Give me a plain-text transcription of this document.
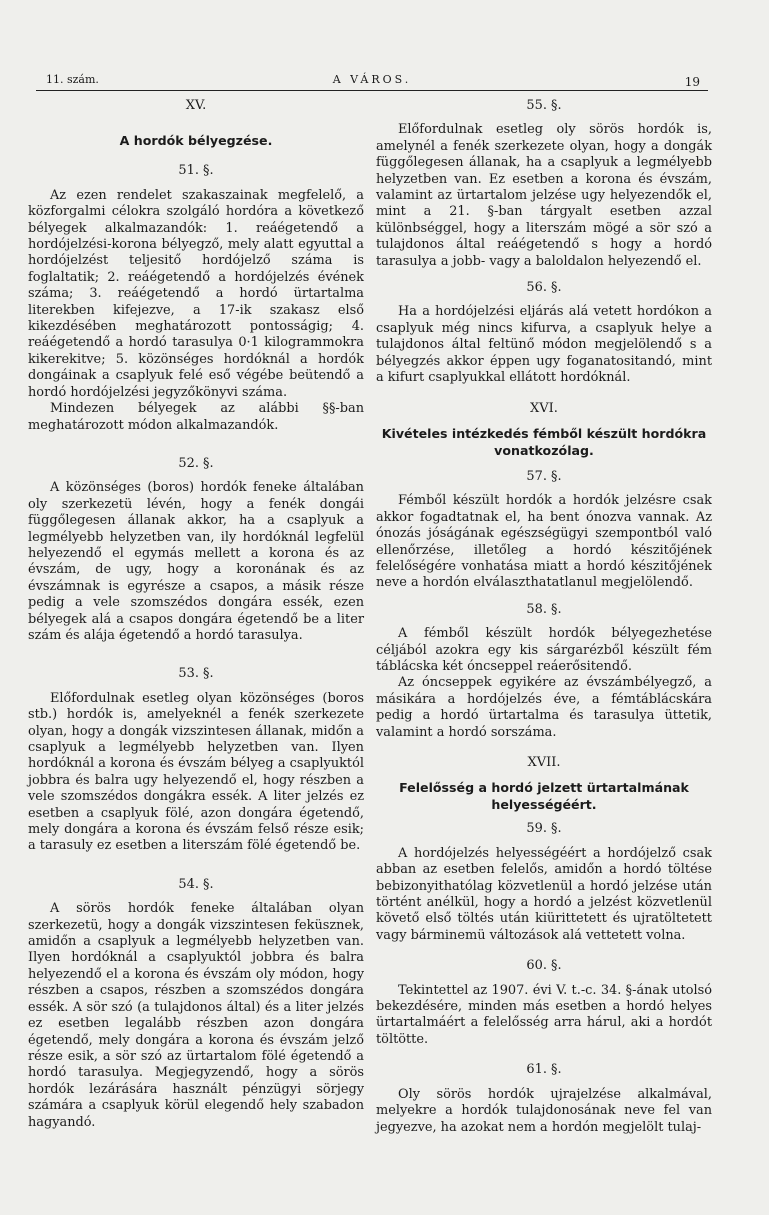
11. szám.	A VÁROS.	19
XV.
A hordók bélyegzése.
51. §.

Az ezen rendelet szakaszainak megfelelő, a közforgalmi célokra szolgáló hordóra a következő bélyegek alkalmazandók: 1. reáégetendő a hordójelzési-korona bélyegző, mely alatt egyuttal a hordójelzést teljesitő hordójelző száma is foglaltatik; 2. reáégetendő a hordójelzés évének száma; 3. reáégetendő a hordó ürtartalma literekben kifejezve, a 17-ik szakasz első kikezdésében meghatározott pontosságig; 4. reáégetendő a hordó tarasulya 0·1 kilogrammokra kikerekitve; 5. közönséges hordóknál a hordók dongáinak a csaplyuk felé eső végébe beütendő a hordó hordójelzési jegyzőkönyvi száma.

Mindezen bélyegek az alábbi §§-ban meghatározott módon alkalmazandók.

52. §.

A közönséges (boros) hordók feneke általában oly szerkezetü lévén, hogy a fenék dongái függőlegesen állanak akkor, ha a csaplyuk a legmélyebb helyzetben van, ily hordóknál legfelül helyezendő el egymás mellett a korona és az évszám, de ugy, hogy a koronának és az évszámnak is egyrésze a csapos, a másik része pedig a vele szomszédos dongára essék, ezen bélyegek alá a csapos dongára égetendő be a liter szám és alája égetendő a hordó tarasulya.

53. §.

Előfordulnak esetleg olyan közönséges (boros stb.) hordók is, amelyeknél a fenék szerkezete olyan, hogy a dongák vizszintesen állanak, midőn a csaplyuk a legmélyebb helyzetben van. Ilyen hordóknál a korona és évszám bélyeg a csaplyuktól jobbra és balra ugy helyezendő el, hogy részben a vele szomszédos dongákra essék. A liter jelzés ez esetben a csaplyuk fölé, azon dongára égetendő, mely dongára a korona és évszám felső része esik; a tarasuly ez esetben a literszám fölé égetendő be.

54. §.

A sörös hordók feneke általában olyan szerkezetü, hogy a dongák vizszintesen feküsznek, amidőn a csaplyuk a legmélyebb helyzetben van. Ilyen hordóknál a csaplyuktól jobbra és balra helyezendő el a korona és évszám oly módon, hogy részben a csapos, részben a szomszédos dongára essék. A sör szó (a tulajdonos által) és a liter jelzés ez esetben legalább részben azon dongára égetendő, mely dongára a korona és évszám jelző része esik, a sör szó az ürtartalom fölé égetendő a hordó tarasulya. Megjegyzendő, hogy a sörös hordók lezárására használt pénzügyi sörjegy számára a csaplyuk körül elegendő hely szabadon hagyandó.

55. §.

Előfordulnak esetleg oly sörös hordók is, amelynél a fenék szerkezete olyan, hogy a dongák függőlegesen állanak, ha a csaplyuk a legmélyebb helyzetben van. Ez esetben a korona és évszám, valamint az ürtartalom jelzése ugy helyezendők el, mint a 21. §-ban tárgyalt esetben azzal különbséggel, hogy a literszám mögé a sör szó a tulajdonos által reáégetendő s hogy a hordó tarasulya a jobb- vagy a baloldalon helyezendő el.

56. §.

Ha a hordójelzési eljárás alá vetett hordókon a csaplyuk még nincs kifurva, a csaplyuk helye a tulajdonos által feltünő módon megjelölendő s a bélyegzés akkor éppen ugy foganatositandó, mint a kifurt csaplyukkal ellátott hordóknál.

XVI.
Kivételes intézkedés fémből készült hordókra vonatkozólag.
57. §.

Fémből készült hordók a hordók jelzésre csak akkor fogadtatnak el, ha bent ónozva vannak. Az ónozás jóságának egészségügyi szempontból való ellenőrzése, illetőleg a hordó készitőjének felelőségére vonhatása miatt a hordó készitőjének neve a hordón elválaszthatatlanul megjelölendő.

58. §.

A fémből készült hordók bélyegezhetése céljából azokra egy kis sárgarézből készült fém táblácska két óncseppel reáerősitendő.

Az óncseppek egyikére az évszámbélyegző, a másikára a hordójelzés éve, a fémtáblácskára pedig a hordó ürtartalma és tarasulya üttetik, valamint a hordó sorszáma.

XVII.
Felelősség a hordó jelzett ürtartalmának helyességéért.
59. §.

A hordójelzés helyességéért a hordójelző csak abban az esetben felelős, amidőn a hordó töltése bebizonyithatólag közvetlenül a hordó jelzése után történt anélkül, hogy a hordó a jelzést közvetlenül követő első töltés után kiürittetett és ujratöltetett vagy bárminemü változások alá vettetett volna.

60. §.

Tekintettel az 1907. évi V. t.-c. 34. §-ának utolsó bekezdésére, minden más esetben a hordó helyes ürtartalmáért a felelősség arra hárul, aki a hordót töltötte.

61. §.

Oly sörös hordók ujrajelzése alkalmával, melyekre a hordók tulajdonosának neve fel van jegyezve, ha azokat nem a hordón megjelölt tulaj-
